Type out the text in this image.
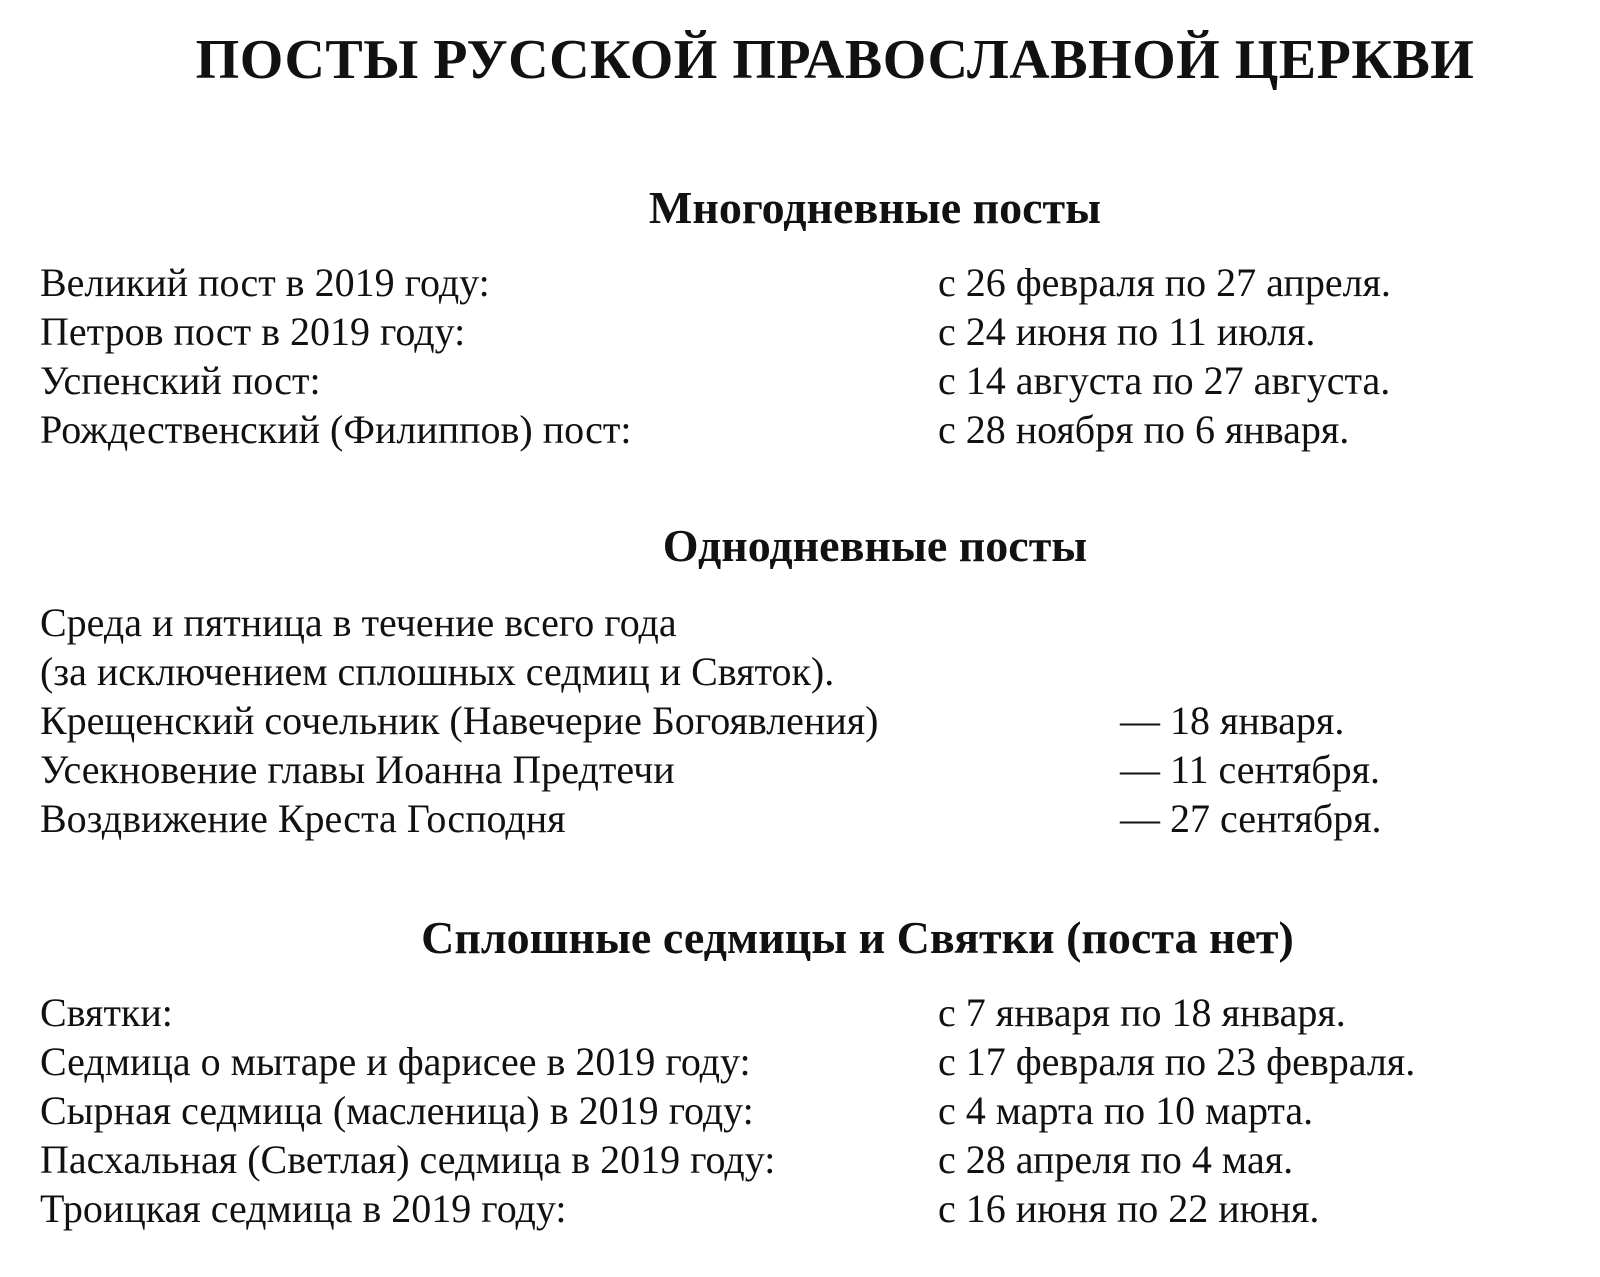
ПОСТЫ РУССКОЙ ПРАВОСЛАВНОЙ ЦЕРКВИ
Многодневные посты
Великий пост в 2019 году:	с 26 февраля по 27 апреля.
Петров пост в 2019 году:	с 24 июня по 11 июля.
Успенский пост:	с 14 августа по 27 августа.
Рождественский (Филиппов) пост:	с 28 ноября по 6 января.
Однодневные посты
Среда и пятница в течение всего года
(за исключением сплошных седмиц и Святок).
Крещенский сочельник (Навечерие Богоявления)	— 18 января.
Усекновение главы Иоанна Предтечи	— 11 сентября.
Воздвижение Креста Господня	— 27 сентября.
Сплошные седмицы и Святки (поста нет)
Святки:	с 7 января по 18 января.
Седмица о мытаре и фарисее в 2019 году:	с 17 февраля по 23 февраля.
Сырная седмица (масленица) в 2019 году:	с 4 марта по 10 марта.
Пасхальная (Светлая) седмица в 2019 году:	с 28 апреля по 4 мая.
Троицкая седмица в 2019 году:	с 16 июня по 22 июня.
